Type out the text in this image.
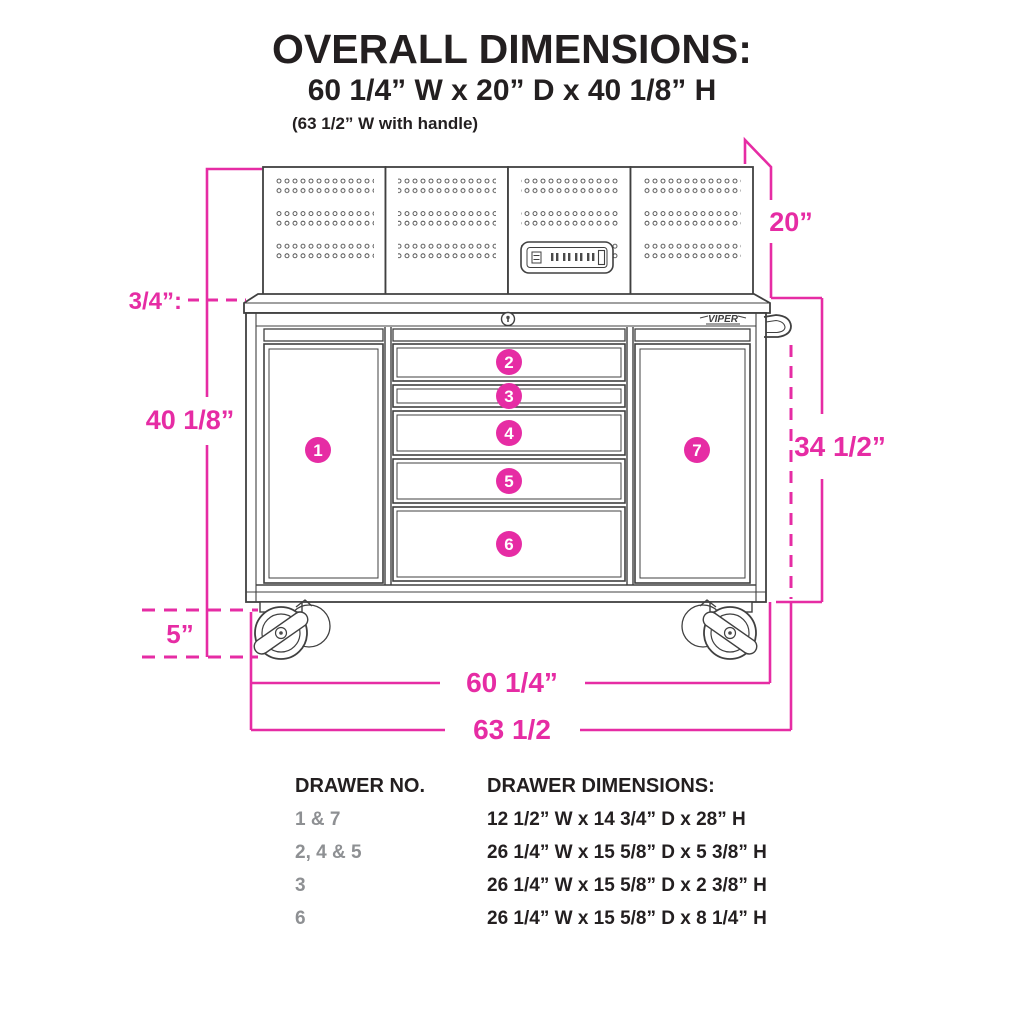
OVERALL DIMENSIONS:
60 1/4” W x 20” D x 40 1/8” H
(63 1/2” W with handle)
VIPER
1
2
3
4
5
6
7
40 1/8”
3/4”:
5”
20”
34 1/2”
60 1/4”
63 1/2
DRAWER NO.	DRAWER DIMENSIONS:
1 & 7	12 1/2” W x 14 3/4” D x 28” H
2, 4 & 5	26 1/4” W x 15 5/8” D x 5 3/8” H
3	26 1/4” W x 15 5/8” D x 2 3/8” H
6	26 1/4” W x 15 5/8” D x 8 1/4” H
